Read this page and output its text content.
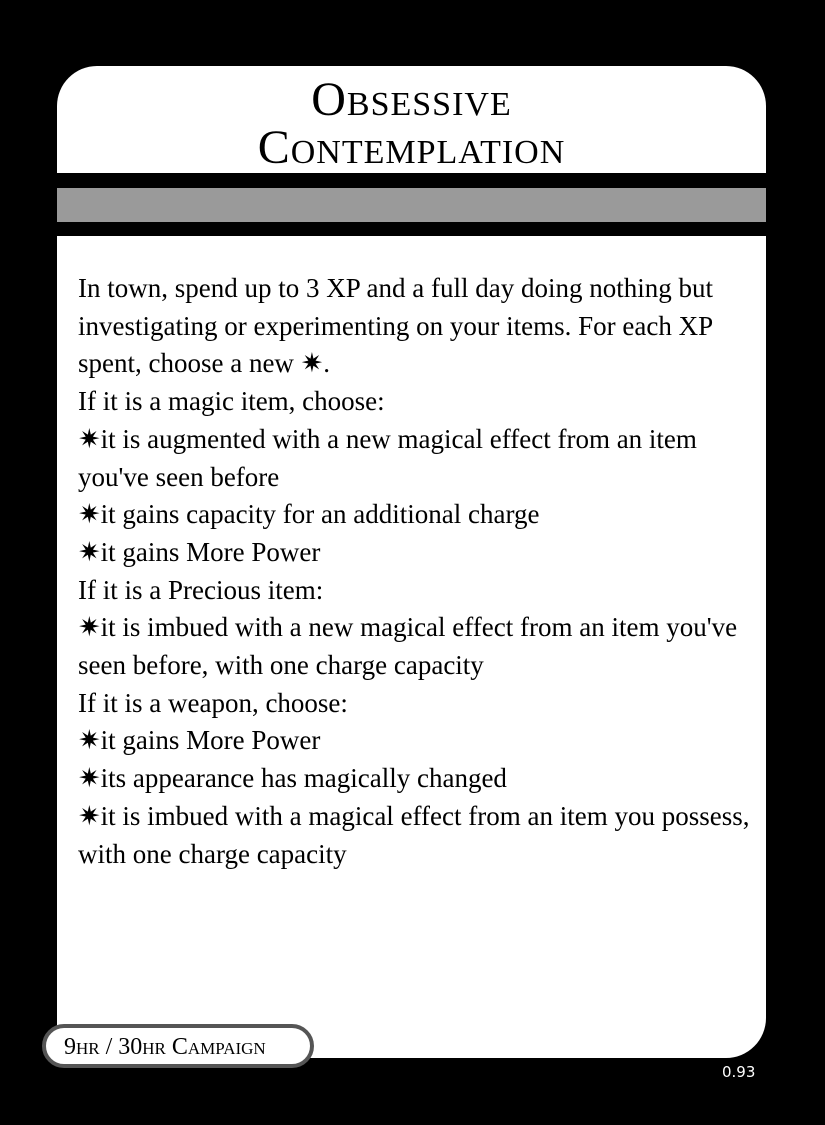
Obsessive
Contemplation
In town, spend up to 3 XP and a full day doing nothing but investigating or experimenting on your items. For each XP spent, choose a new ✷.
If it is a magic item, choose:
✷it is augmented with a new magical effect from an item you've seen before
✷it gains capacity for an additional charge
✷it gains More Power
If it is a Precious item:
✷it is imbued with a new magical effect from an item you've seen before, with one charge capacity
If it is a weapon, choose:
✷it gains More Power
✷its appearance has magically changed
✷it is imbued with a magical effect from an item you possess, with one charge capacity
9hr / 30hr Campaign
0.93
